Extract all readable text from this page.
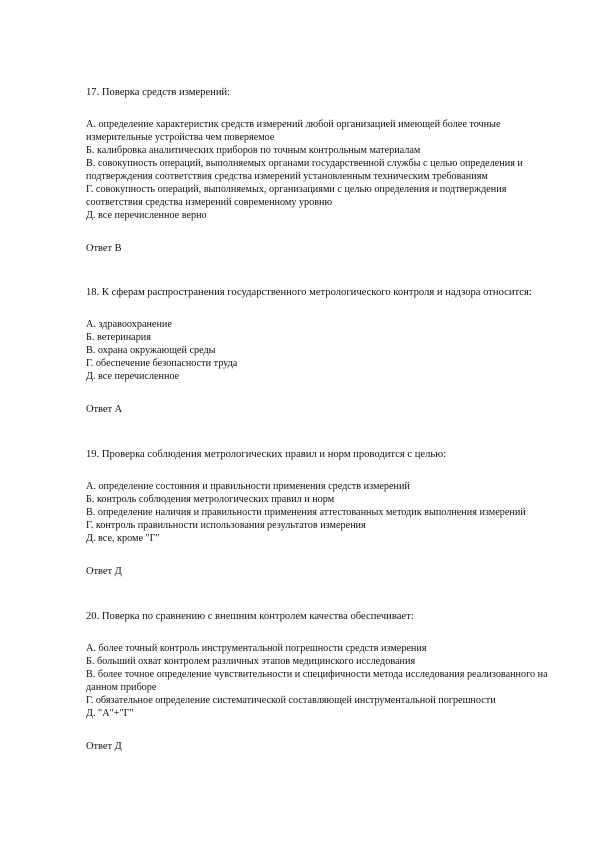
17. Поверка средств измерений:

А. определение характеристик средств измерений любой организацией имеющей более точные измерительные устройства чем поверяемое

Б. калибровка аналитических приборов по точным контрольным материалам

В. совокупность операций, выполняемых органами государственной службы с целью определения и подтверждения соответствия средства измерений установленным техническим требованиям

Г. совокупность операций, выполняемых, организациями с целью определения и подтверждения соответствия средства измерений современному уровню

Д. все перечисленное верно

Ответ В

18. К сферам распространения государственного метрологического контроля и надзора относится:

А. здравоохранение

Б. ветеринария

В. охрана окружающей среды

Г. обеспечение безопасности труда

Д. все перечисленное

Ответ А

19. Проверка соблюдения метрологических правил и норм проводится с целью:

А. определение состояния и правильности применения средств измерений

Б. контроль соблюдения метрологических правил и норм

В. определение наличия и правильности применения аттестованных методик выполнения измерений

Г. контроль правильности использования результатов измерения

Д. все, кроме "Г"

Ответ Д

20. Поверка по сравнению с внешним контролем качества обеспечивает:

А. более точный контроль инструментальной погрешности средств измерения

Б. больший охват контролем различных этапов медицинского исследования

В. более точное определение чувствительности и специфичности метода исследования реализованного на данном приборе

Г. обязательное определение систематической составляющей инструментальной погрешности

Д. "А"+"Г"

Ответ Д
